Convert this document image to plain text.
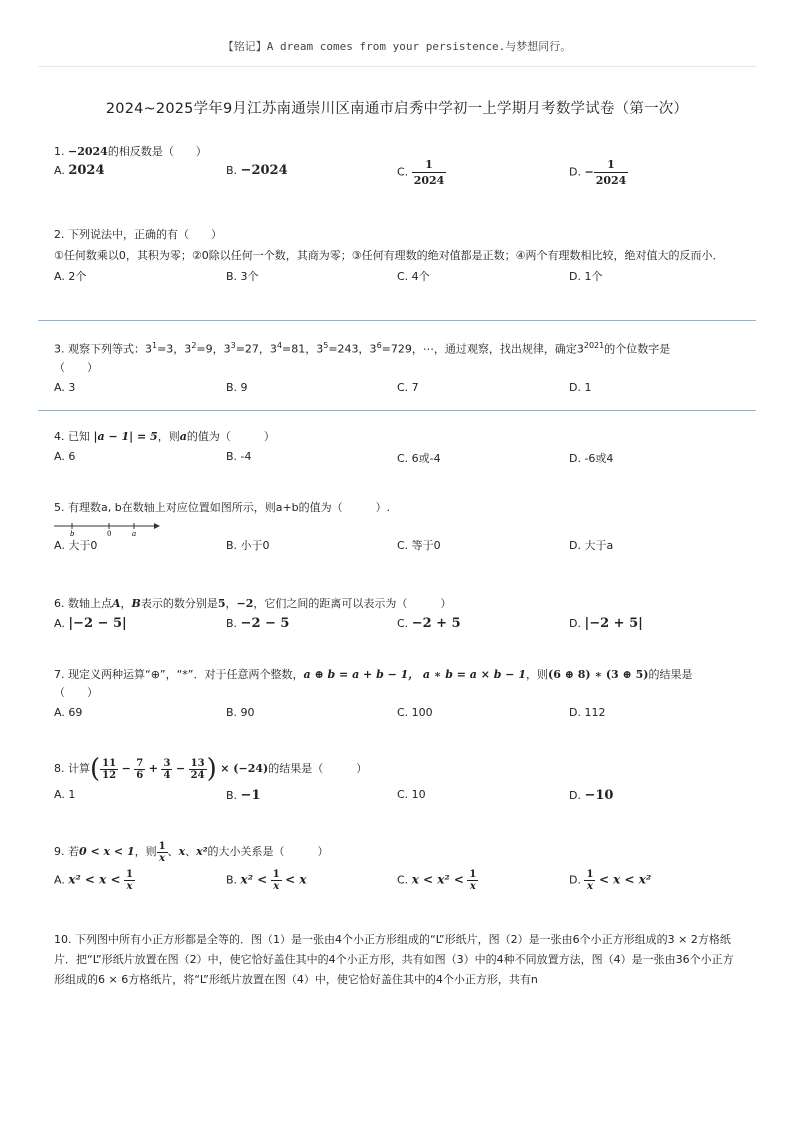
【铭记】A dream comes from your persistence.与梦想同行。
2024~2025学年9月江苏南通崇川区南通市启秀中学初一上学期月考数学试卷（第一次）
1. −2024的相反数是（　　）
A. 2024	B. −2024	C. $\frac{1}{2024}$	D. − $\frac{1}{2024}$
2. 下列说法中，正确的有（　　）
①任何数乘以0，其积为零；②0除以任何一个数，其商为零；③任何有理数的绝对值都是正数；④两个有理数相比较，绝对值大的反而小．
A. 2个	B. 3个	C. 4个	D. 1个
3. 观察下列等式：$3^1=3$，$3^2=9$，$3^3=27$，$3^4=81$，$3^5=243$，$3^6=729$，⋯，通过观察，找出规律，确定$3^{2021}$的个位数字是
（　　）
A. 3	B. 9	C. 7	D. 1
4. 已知 |a − 1| = 5，则a的值为（　　　）
A. 6	B. -4	C. 6或-4	D. -6或4
5. 有理数a, b在数轴上对应位置如图所示，则a+b的值为（　　　）.
b	0	a
A. 大于0	B. 小于0	C. 等于0	D. 大于a
6. 数轴上点A，B表示的数分别是5，−2，它们之间的距离可以表示为（　　　）
A. |−2 − 5|	B. −2 − 5	C. −2 + 5	D. |−2 + 5|
7. 现定义两种运算“⊕”，“*”．对于任意两个整数，a ⊕ b = a + b − 1， a ∗ b = a × b − 1，则(6 ⊕ 8) ∗ (3 ⊕ 5)的结果是
（　　）
A. 69	B. 90	C. 100	D. 112
8. 计算( $\frac{11}{12} - \frac{7}{6} + \frac{3}{4} - \frac{13}{24}$ ) × (−24)的结果是（　　　）
A. 1	B. −1	C. 10	D. −10
9. 若0 < x < 1，则 $\frac{1}{x}$ 、x、x²的大小关系是（　　　）
A. $x^2 < x < \frac{1}{x}$	B. $x^2 < \frac{1}{x} < x$	C. $x < x^2 < \frac{1}{x}$	D. $\frac{1}{x} < x < x^2$
10. 下列图中所有小正方形都是全等的．图（1）是一张由4个小正方形组成的“L”形纸片，图（2）是一张由6个小正方形组成的3 × 2方格纸片．把“L”形纸片放置在图（2）中，使它恰好盖住其中的4个小正方形，共有如图（3）中的4种不同放置方法，图（4）是一张由36个小正方形组成的6 × 6方格纸片，将“L”形纸片放置在图（4）中，使它恰好盖住其中的4个小正方形，共有n
